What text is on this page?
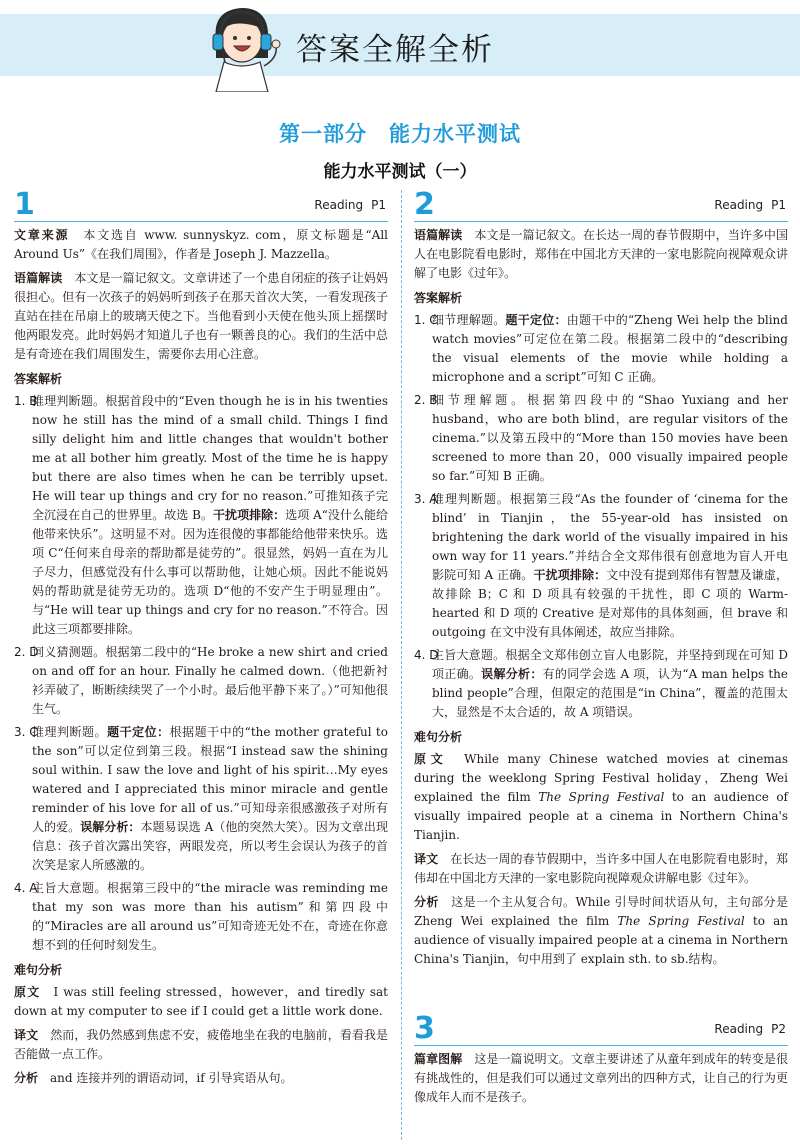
答案全解全析
第一部分　能力水平测试
能力水平测试（一）
1	Reading P1

文章来源　 本文选自 www. sunnyskyz. com，原文标题是“All Around Us”《在我们周围》，作者是 Joseph J. Mazzella。

语篇解读　 本文是一篇记叙文。文章讲述了一个患自闭症的孩子让妈妈很担心。但有一次孩子的妈妈听到孩子在那天首次大笑，一看发现孩子直站在挂在吊扇上的玻璃天使之下。当他看到小天使在他头顶上摇摆时他两眼发亮。此时妈妈才知道儿子也有一颗善良的心。我们的生活中总是有奇迹在我们周围发生，需要你去用心注意。

答案解析
1. B
推理判断题。根据首段中的“Even though he is in his twenties now he still has the mind of a small child. Things I find silly delight him and little changes that wouldn't bother me at all bother him greatly. Most of the time he is happy but there are also times when he can be terribly upset. He will tear up things and cry for no reason.”可推知孩子完全沉浸在自己的世界里。故选 B。干扰项排除：选项 A“没什么能给他带来快乐”。这明显不对。因为连很傻的事都能给他带来快乐。选项 C“任何来自母亲的帮助都是徒劳的”。很显然，妈妈一直在为儿子尽力，但感觉没有什么事可以帮助他，让她心烦。因此不能说妈妈的帮助就是徒劳无功的。选项 D“他的不安产生于明显理由”。与“He will tear up things and cry for no reason.”不符合。因此这三项都要排除。
2. D
词义猜测题。根据第二段中的“He broke a new shirt and cried on and off for an hour. Finally he calmed down.（他把新衬衫弄破了，断断续续哭了一个小时。最后他平静下来了。）”可知他很生气。
3. C
推理判断题。题干定位：根据题干中的“the mother grateful to the son”可以定位到第三段。根据“I instead saw the shining soul within. I saw the love and light of his spirit…My eyes watered and I appreciated this minor miracle and gentle reminder of his love for all of us.”可知母亲很感激孩子对所有人的爱。误解分析：本题易误选 A（他的突然大笑）。因为文章出现信息：孩子首次露出笑容，两眼发亮，所以考生会误认为孩子的首次笑是家人所感激的。
4. A
主旨大意题。根据第三段中的“the miracle was reminding me that my son was more than his autism”和第四段中的“Miracles are all around us”可知奇迹无处不在，奇迹在你意想不到的任何时刻发生。
难句分析

原文　 I was still feeling stressed，however，and tiredly sat down at my computer to see if I could get a little work done.

译文　 然而，我仍然感到焦虑不安，疲倦地坐在我的电脑前，看看我是否能做一点工作。

分析　 and 连接并列的谓语动词，if 引导宾语从句。

2	Reading P1

语篇解读　 本文是一篇记叙文。在长达一周的春节假期中，当许多中国人在电影院看电影时，郑伟在中国北方天津的一家电影院向视障观众讲解了电影《过年》。

答案解析
1. C
细节理解题。题干定位：由题干中的“Zheng Wei help the blind watch movies”可定位在第二段。根据第二段中的“describing the visual elements of the movie while holding a microphone and a script”可知 C 正确。
2. B
细节理解题。根据第四段中的“Shao Yuxiang and her husband，who are both blind，are regular visitors of the cinema.”以及第五段中的“More than 150 movies have been screened to more than 20，000 visually impaired people so far.”可知 B 正确。
3. A
推理判断题。根据第三段“As the founder of ‘cinema for the blind’ in Tianjin，the 55-year-old has insisted on brightening the dark world of the visually impaired in his own way for 11 years.”并结合全文郑伟很有创意地为盲人开电影院可知 A 正确。干扰项排除：文中没有提到郑伟有智慧及谦虚，故排除 B；C 和 D 项具有较强的干扰性，即 C 项的 Warm-hearted 和 D 项的 Creative 是对郑伟的具体刻画，但 brave 和 outgoing 在文中没有具体阐述，故应当排除。
4. D
主旨大意题。根据全文郑伟创立盲人电影院，并坚持到现在可知 D 项正确。误解分析：有的同学会选 A 项，认为“A man helps the blind people”合理，但限定的范围是“in China”，覆盖的范围太大，显然是不太合适的，故 A 项错误。
难句分析

原文　 While many Chinese watched movies at cinemas during the weeklong Spring Festival holiday，Zheng Wei explained the film The Spring Festival to an audience of visually impaired people at a cinema in Northern China's Tianjin.

译文　 在长达一周的春节假期中，当许多中国人在电影院看电影时，郑伟却在中国北方天津的一家电影院向视障观众讲解电影《过年》。

分析　 这是一个主从复合句。While 引导时间状语从句，主句部分是 Zheng Wei explained the film The Spring Festival to an audience of visually impaired people at a cinema in Northern China's Tianjin，句中用到了 explain sth. to sb.结构。

3	Reading P2

篇章图解　 这是一篇说明文。文章主要讲述了从童年到成年的转变是很有挑战性的，但是我们可以通过文章列出的四种方式，让自己的行为更像成年人而不是孩子。
